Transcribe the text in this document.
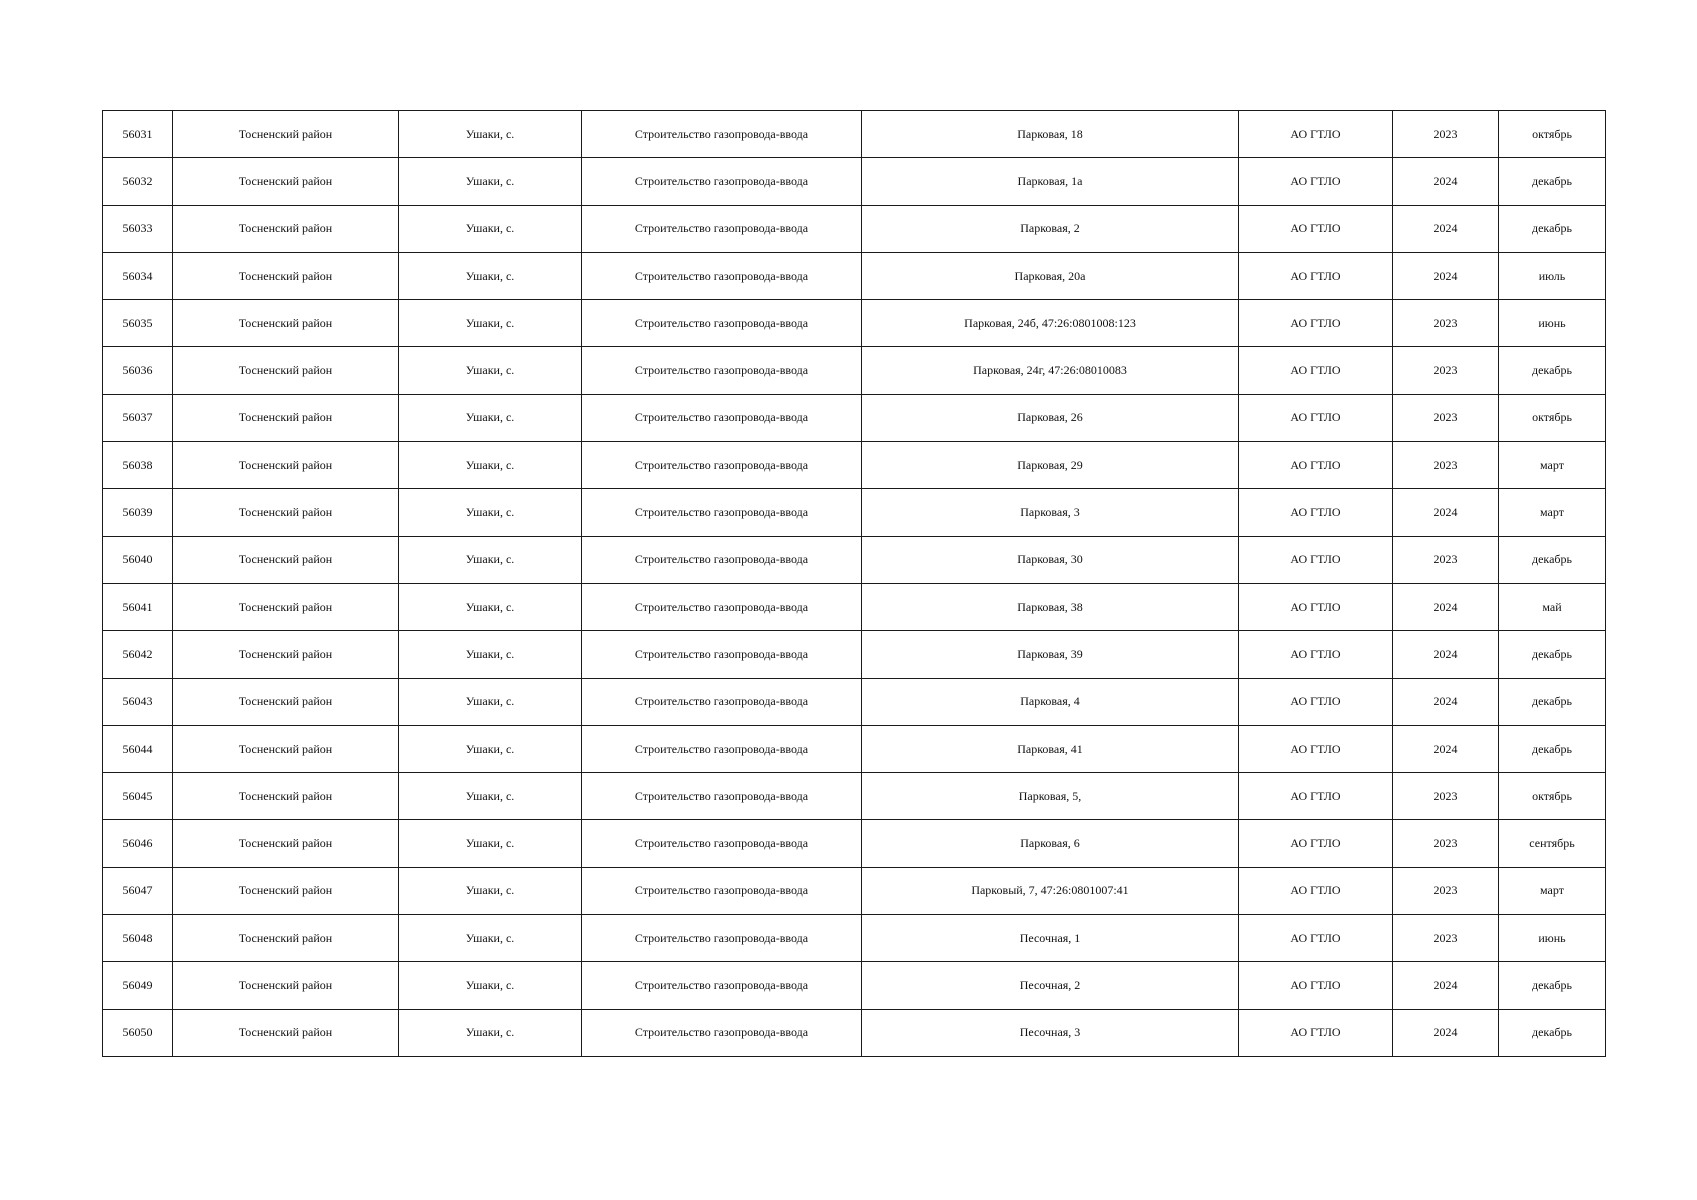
56031	Тосненский район	Ушаки, с.	Строительство газопровода-ввода	Парковая, 18	АО ГТЛО	2023	октябрь
56032	Тосненский район	Ушаки, с.	Строительство газопровода-ввода	Парковая, 1а	АО ГТЛО	2024	декабрь
56033	Тосненский район	Ушаки, с.	Строительство газопровода-ввода	Парковая, 2	АО ГТЛО	2024	декабрь
56034	Тосненский район	Ушаки, с.	Строительство газопровода-ввода	Парковая, 20а	АО ГТЛО	2024	июль
56035	Тосненский район	Ушаки, с.	Строительство газопровода-ввода	Парковая, 24б, 47:26:0801008:123	АО ГТЛО	2023	июнь
56036	Тосненский район	Ушаки, с.	Строительство газопровода-ввода	Парковая, 24г, 47:26:08010083	АО ГТЛО	2023	декабрь
56037	Тосненский район	Ушаки, с.	Строительство газопровода-ввода	Парковая, 26	АО ГТЛО	2023	октябрь
56038	Тосненский район	Ушаки, с.	Строительство газопровода-ввода	Парковая, 29	АО ГТЛО	2023	март
56039	Тосненский район	Ушаки, с.	Строительство газопровода-ввода	Парковая, 3	АО ГТЛО	2024	март
56040	Тосненский район	Ушаки, с.	Строительство газопровода-ввода	Парковая, 30	АО ГТЛО	2023	декабрь
56041	Тосненский район	Ушаки, с.	Строительство газопровода-ввода	Парковая, 38	АО ГТЛО	2024	май
56042	Тосненский район	Ушаки, с.	Строительство газопровода-ввода	Парковая, 39	АО ГТЛО	2024	декабрь
56043	Тосненский район	Ушаки, с.	Строительство газопровода-ввода	Парковая, 4	АО ГТЛО	2024	декабрь
56044	Тосненский район	Ушаки, с.	Строительство газопровода-ввода	Парковая, 41	АО ГТЛО	2024	декабрь
56045	Тосненский район	Ушаки, с.	Строительство газопровода-ввода	Парковая, 5,	АО ГТЛО	2023	октябрь
56046	Тосненский район	Ушаки, с.	Строительство газопровода-ввода	Парковая, 6	АО ГТЛО	2023	сентябрь
56047	Тосненский район	Ушаки, с.	Строительство газопровода-ввода	Парковый, 7, 47:26:0801007:41	АО ГТЛО	2023	март
56048	Тосненский район	Ушаки, с.	Строительство газопровода-ввода	Песочная, 1	АО ГТЛО	2023	июнь
56049	Тосненский район	Ушаки, с.	Строительство газопровода-ввода	Песочная, 2	АО ГТЛО	2024	декабрь
56050	Тосненский район	Ушаки, с.	Строительство газопровода-ввода	Песочная, 3	АО ГТЛО	2024	декабрь
